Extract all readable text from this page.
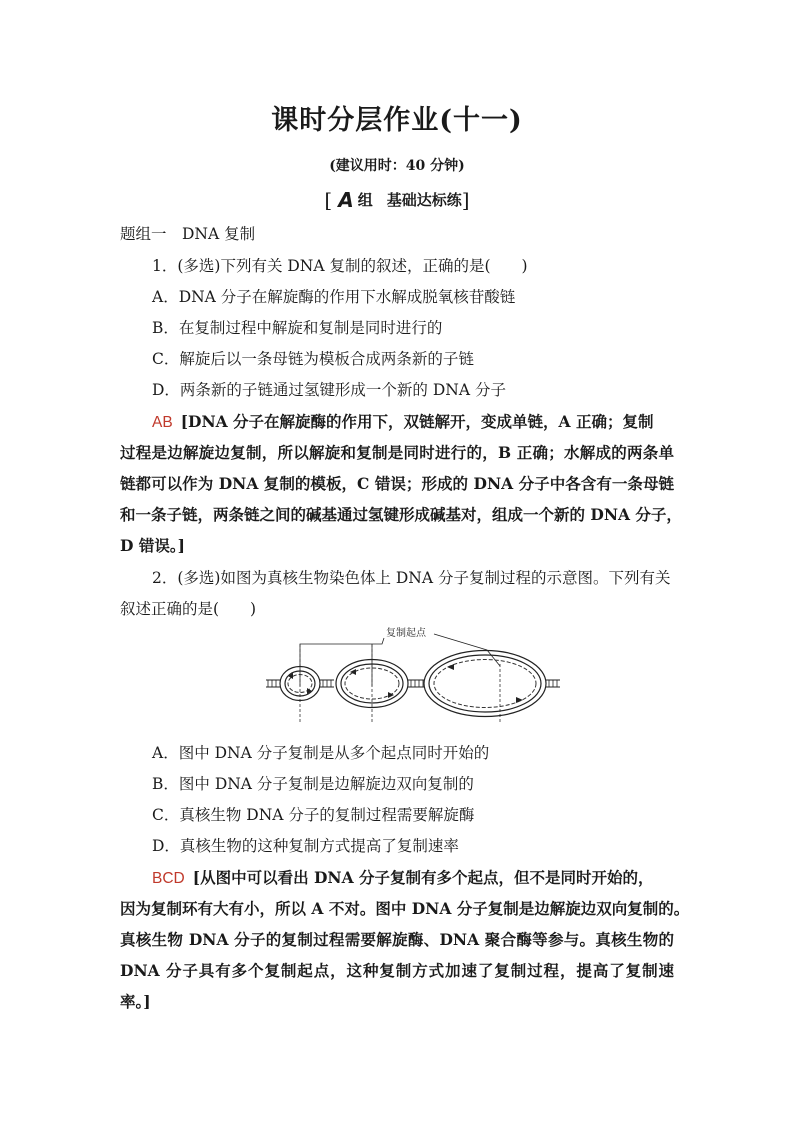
课时分层作业(十一)
(建议用时：40 分钟)
[ A 组 基础达标练]
题组一　DNA 复制
1．(多选)下列有关 DNA 复制的叙述，正确的是(　　)
A．DNA 分子在解旋酶的作用下水解成脱氧核苷酸链
B．在复制过程中解旋和复制是同时进行的
C．解旋后以一条母链为模板合成两条新的子链
D．两条新的子链通过氢键形成一个新的 DNA 分子
AB [DNA 分子在解旋酶的作用下，双链解开，变成单链，A 正确；复制
过程是边解旋边复制，所以解旋和复制是同时进行的，B 正确；水解成的两条单
链都可以作为 DNA 复制的模板，C 错误；形成的 DNA 分子中各含有一条母链
和一条子链，两条链之间的碱基通过氢键形成碱基对，组成一个新的 DNA 分子，
D 错误。]
2．(多选)如图为真核生物染色体上 DNA 分子复制过程的示意图。下列有关
叙述正确的是(　　)
复制起点
A．图中 DNA 分子复制是从多个起点同时开始的
B．图中 DNA 分子复制是边解旋边双向复制的
C．真核生物 DNA 分子的复制过程需要解旋酶
D．真核生物的这种复制方式提高了复制速率
BCD [从图中可以看出 DNA 分子复制有多个起点，但不是同时开始的，
因为复制环有大有小，所以 A 不对。图中 DNA 分子复制是边解旋边双向复制的。
真核生物 DNA 分子的复制过程需要解旋酶、DNA 聚合酶等参与。真核生物的
DNA 分子具有多个复制起点，这种复制方式加速了复制过程，提高了复制速
率。]
